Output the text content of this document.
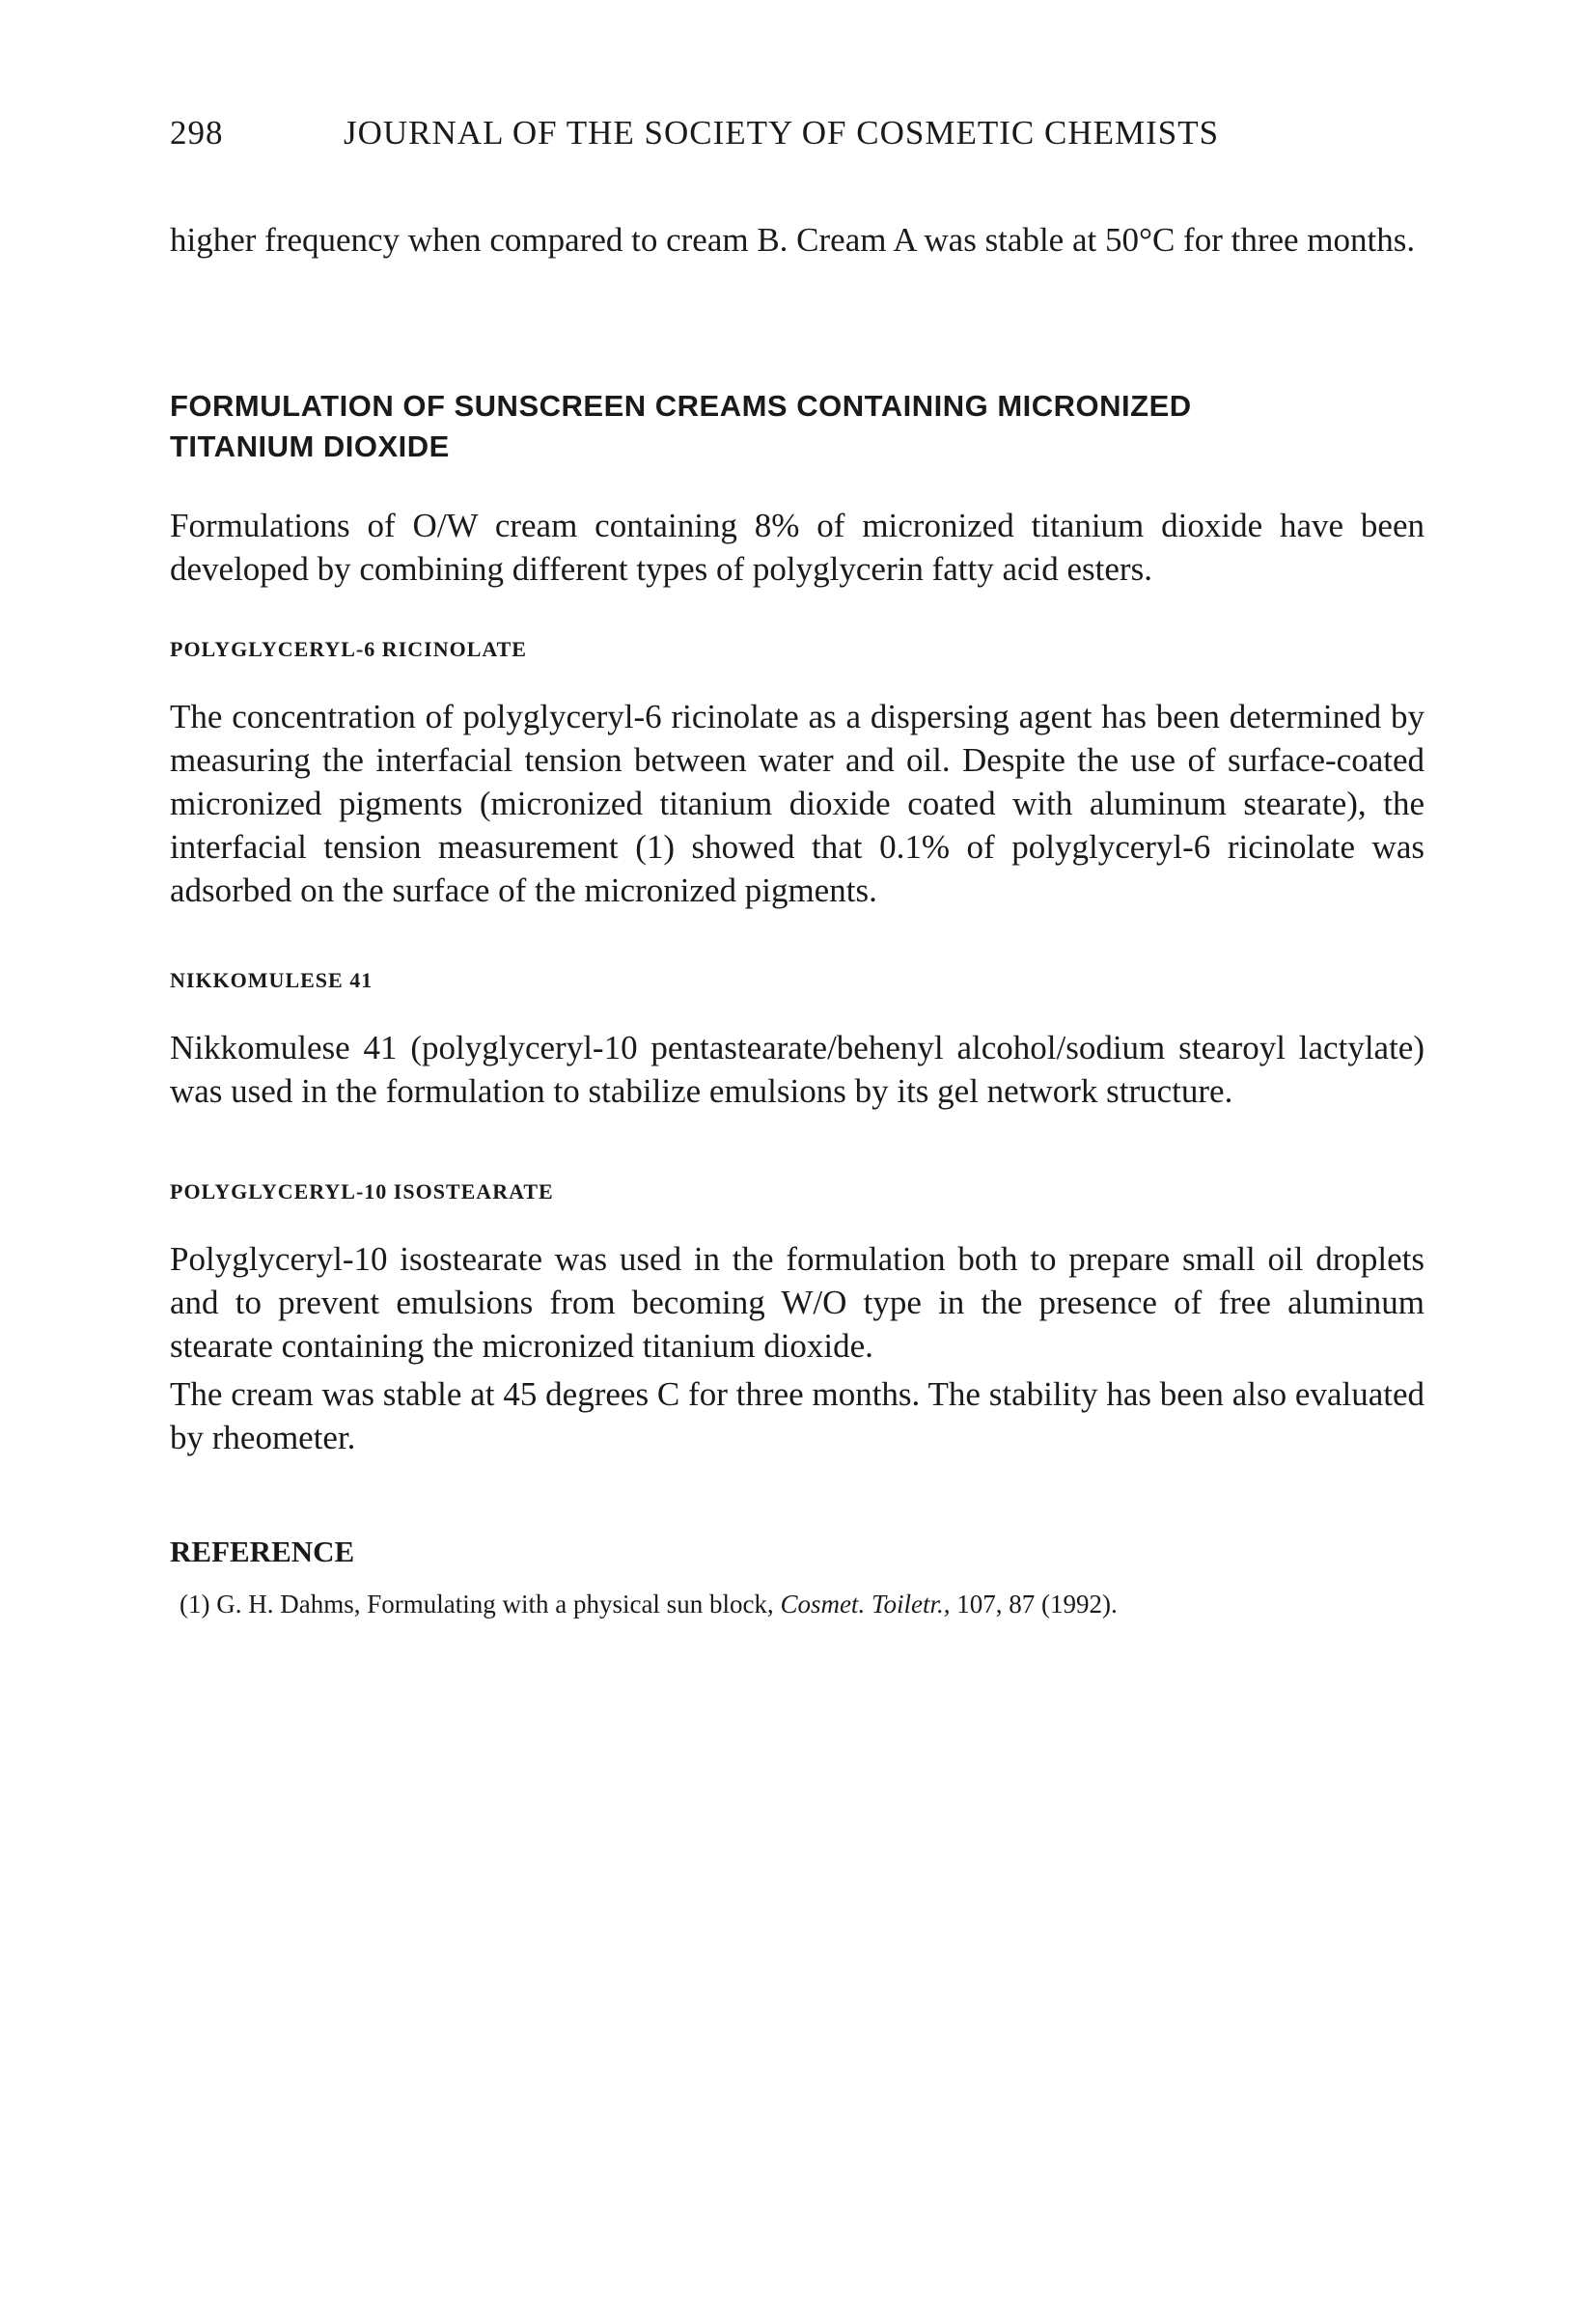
298	JOURNAL OF THE SOCIETY OF COSMETIC CHEMISTS

higher frequency when compared to cream B. Cream A was stable at 50°C for three months.

FORMULATION OF SUNSCREEN CREAMS CONTAINING MICRONIZED TITANIUM DIOXIDE

Formulations of O/W cream containing 8% of micronized titanium dioxide have been developed by combining different types of polyglycerin fatty acid esters.

POLYGLYCERYL-6 RICINOLATE

The concentration of polyglyceryl-6 ricinolate as a dispersing agent has been determined by measuring the interfacial tension between water and oil. Despite the use of surface-coated micronized pigments (micronized titanium dioxide coated with aluminum stearate), the interfacial tension measurement (1) showed that 0.1% of polyglyceryl-6 ricinolate was adsorbed on the surface of the micronized pigments.

NIKKOMULESE 41

Nikkomulese 41 (polyglyceryl-10 pentastearate/behenyl alcohol/sodium stearoyl lactylate) was used in the formulation to stabilize emulsions by its gel network structure.

POLYGLYCERYL-10 ISOSTEARATE

Polyglyceryl-10 isostearate was used in the formulation both to prepare small oil droplets and to prevent emulsions from becoming W/O type in the presence of free aluminum stearate containing the micronized titanium dioxide.

The cream was stable at 45 degrees C for three months. The stability has been also evaluated by rheometer.

REFERENCE

(1) G. H. Dahms, Formulating with a physical sun block, Cosmet. Toiletr., 107, 87 (1992).
